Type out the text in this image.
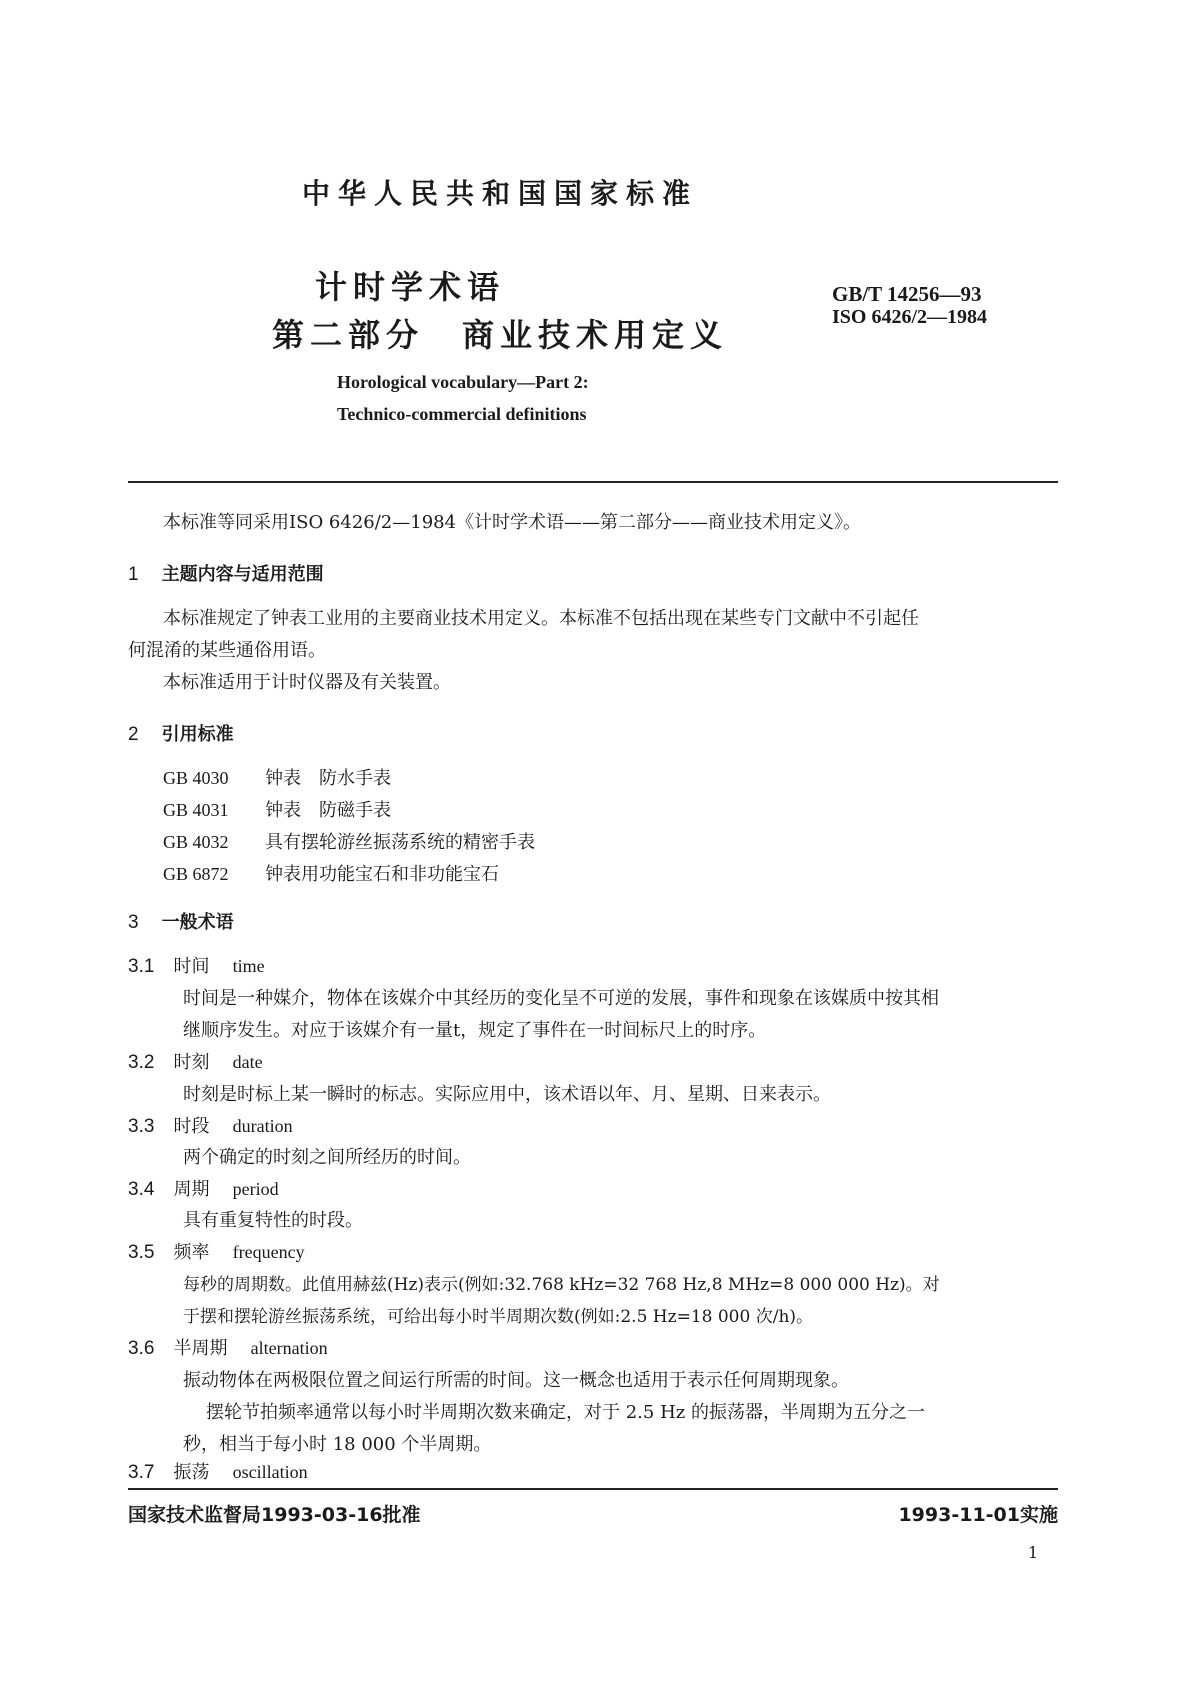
中华人民共和国国家标准
计时学术语
第二部分　商业技术用定义
GB/T 14256—93
ISO 6426/2—1984
Horological vocabulary—Part 2:
Technico-commercial definitions
本标准等同采用ISO 6426/2—1984《计时学术语——第二部分——商业技术用定义》。
1 主题内容与适用范围
本标准规定了钟表工业用的主要商业技术用定义。本标准不包括出现在某些专门文献中不引起任
何混淆的某些通俗用语。
本标准适用于计时仪器及有关装置。
2 引用标准
GB 4030 钟表　防水手表
GB 4031 钟表　防磁手表
GB 4032 具有摆轮游丝振荡系统的精密手表
GB 6872 钟表用功能宝石和非功能宝石
3 一般术语
3.1 时间 time
时间是一种媒介，物体在该媒介中其经历的变化呈不可逆的发展，事件和现象在该媒质中按其相
继顺序发生。对应于该媒介有一量t，规定了事件在一时间标尺上的时序。
3.2 时刻 date
时刻是时标上某一瞬时的标志。实际应用中，该术语以年、月、星期、日来表示。
3.3 时段 duration
两个确定的时刻之间所经历的时间。
3.4 周期 period
具有重复特性的时段。
3.5 频率 frequency
每秒的周期数。此值用赫兹(Hz)表示(例如:32.768 kHz=32 768 Hz,8 MHz=8 000 000 Hz)。对
于摆和摆轮游丝振荡系统，可给出每小时半周期次数(例如:2.5 Hz=18 000 次/h)。
3.6 半周期 alternation
振动物体在两极限位置之间运行所需的时间。这一概念也适用于表示任何周期现象。
摆轮节拍频率通常以每小时半周期次数来确定，对于 2.5 Hz 的振荡器，半周期为五分之一
秒，相当于每小时 18 000 个半周期。
3.7 振荡 oscillation
国家技术监督局1993-03-16批准	1993-11-01实施
1
